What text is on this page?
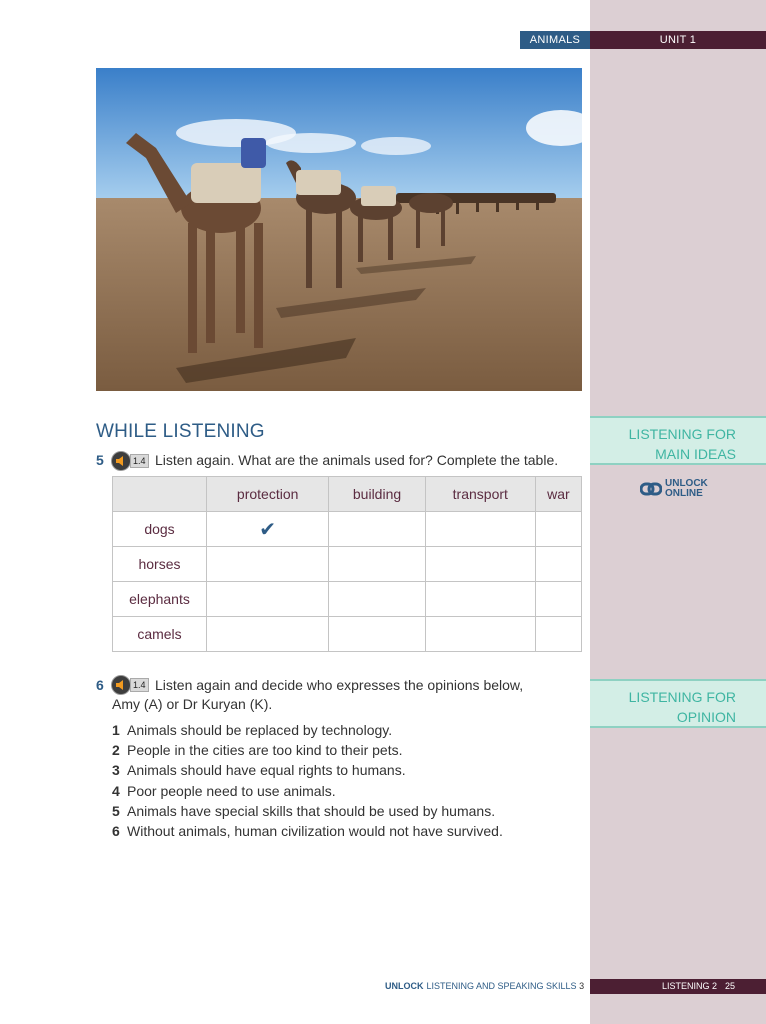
ANIMALS	UNIT 1
WHILE LISTENING
5	1.4 Listen again. What are the animals used for? Complete the table.
	protection	building	transport	war
dogs	✔			
horses				
elephants				
camels				
6	1.4 Listen again and decide who expresses the opinions below,
Amy (A) or Dr Kuryan (K).
1 Animals should be replaced by technology.
2 People in the cities are too kind to their pets.
3 Animals should have equal rights to humans.
4 Poor people need to use animals.
5 Animals have special skills that should be used by humans.
6 Without animals, human civilization would not have survived.
LISTENING FOR
MAIN IDEAS
UNLOCK
ONLINE
LISTENING FOR
OPINION
UNLOCK LISTENING AND SPEAKING SKILLS 3	LISTENING 2 25
